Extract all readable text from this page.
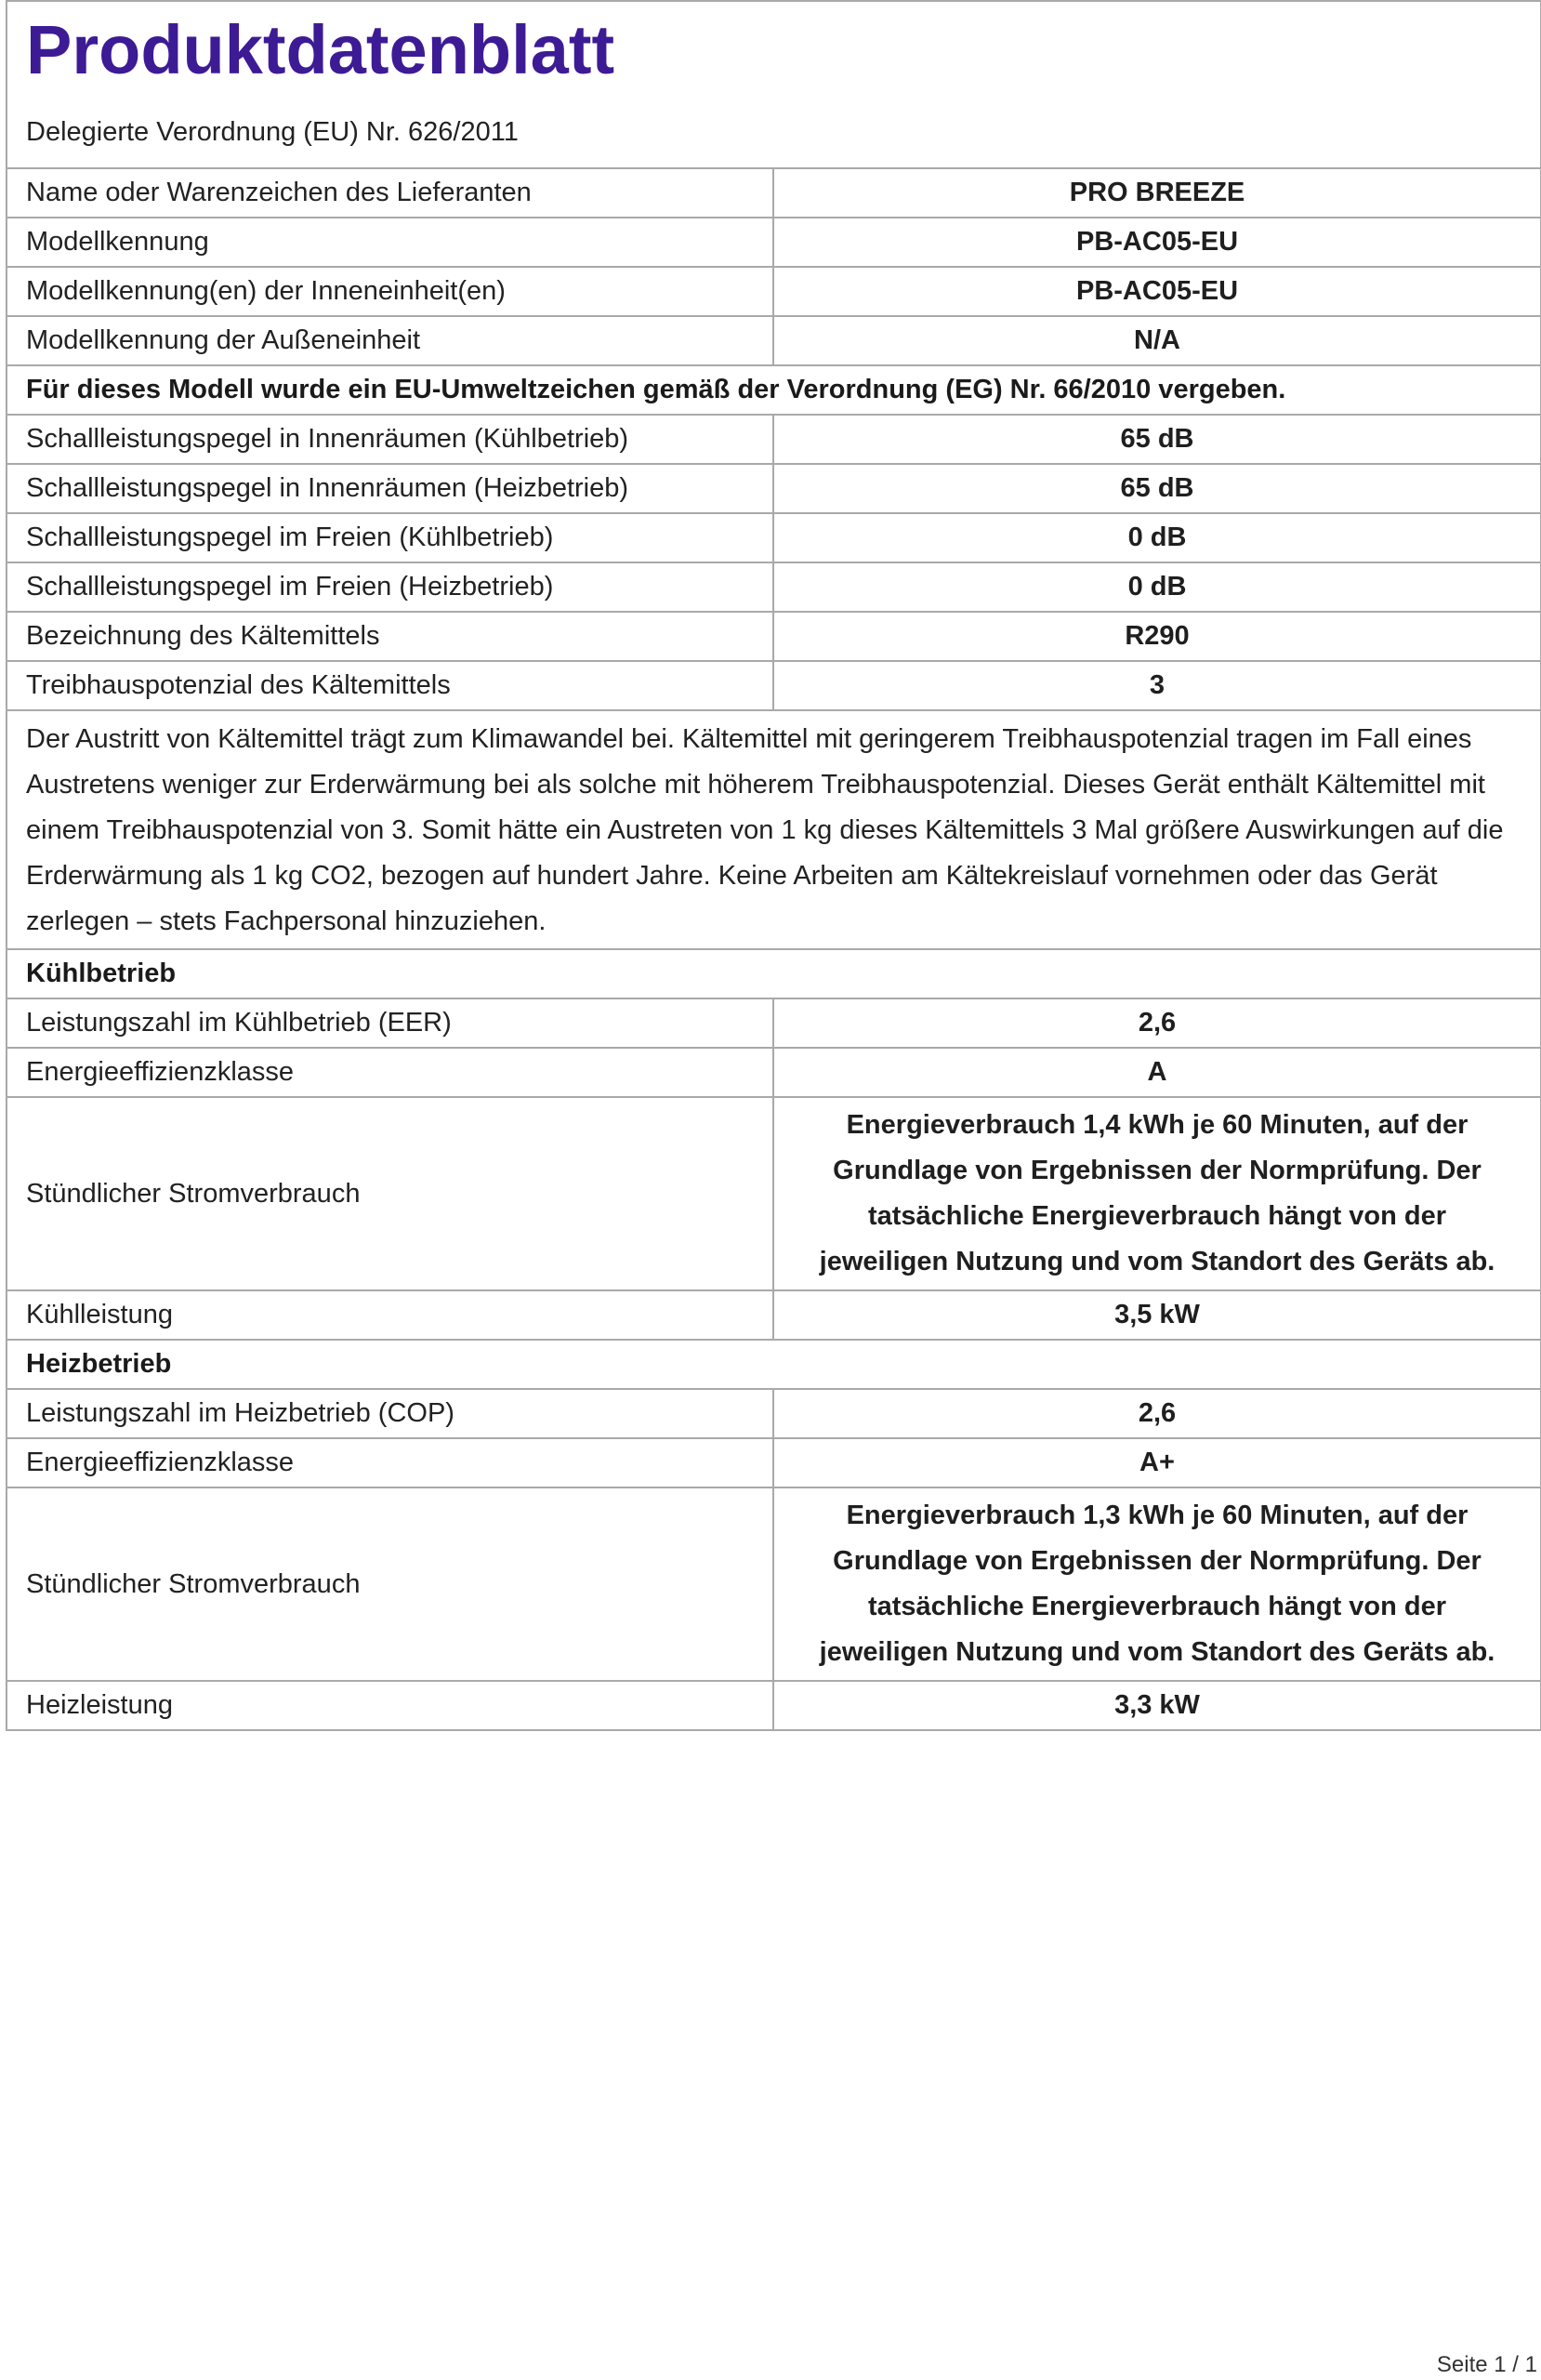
Produktdatenblatt	

Delegierte Verordnung (EU) Nr. 626/2011	
Name oder Warenzeichen des Lieferanten	PRO BREEZE
Modellkennung	PB-AC05-EU
Modellkennung(en) der Inneneinheit(en)	PB-AC05-EU
Modellkennung der Außeneinheit	N/A
Für dieses Modell wurde ein EU-Umweltzeichen gemäß der Verordnung (EG) Nr. 66/2010 vergeben.	
Schallleistungspegel in Innenräumen (Kühlbetrieb)	65 dB
Schallleistungspegel in Innenräumen (Heizbetrieb)	65 dB
Schallleistungspegel im Freien (Kühlbetrieb)	0 dB
Schallleistungspegel im Freien (Heizbetrieb)	0 dB
Bezeichnung des Kältemittels	R290
Treibhauspotenzial des Kältemittels	3
Der Austritt von Kältemittel trägt zum Klimawandel bei. Kältemittel mit geringerem Treibhauspotenzial tragen im Fall eines Austretens weniger zur Erderwärmung bei als solche mit höherem Treibhauspotenzial. Dieses Gerät enthält Kältemittel mit einem Treibhauspotenzial von 3. Somit hätte ein Austreten von 1 kg dieses Kältemittels 3 Mal größere Auswirkungen auf die Erderwärmung als 1 kg CO2, bezogen auf hundert Jahre. Keine Arbeiten am Kältekreislauf vornehmen oder das Gerät zerlegen – stets Fachpersonal hinzuziehen.	
Kühlbetrieb	
Leistungszahl im Kühlbetrieb (EER)	2,6
Energieeffizienzklasse	A
Stündlicher Stromverbrauch	Energieverbrauch 1,4 kWh je 60 Minuten, auf der Grundlage von Ergebnissen der Normprüfung. Der tatsächliche Energieverbrauch hängt von der jeweiligen Nutzung und vom Standort des Geräts ab.
Kühlleistung	3,5 kW
Heizbetrieb	
Leistungszahl im Heizbetrieb (COP)	2,6
Energieeffizienzklasse	A+
Stündlicher Stromverbrauch	Energieverbrauch 1,3 kWh je 60 Minuten, auf der Grundlage von Ergebnissen der Normprüfung. Der tatsächliche Energieverbrauch hängt von der jeweiligen Nutzung und vom Standort des Geräts ab.
Heizleistung	3,3 kW
Seite 1 / 1
